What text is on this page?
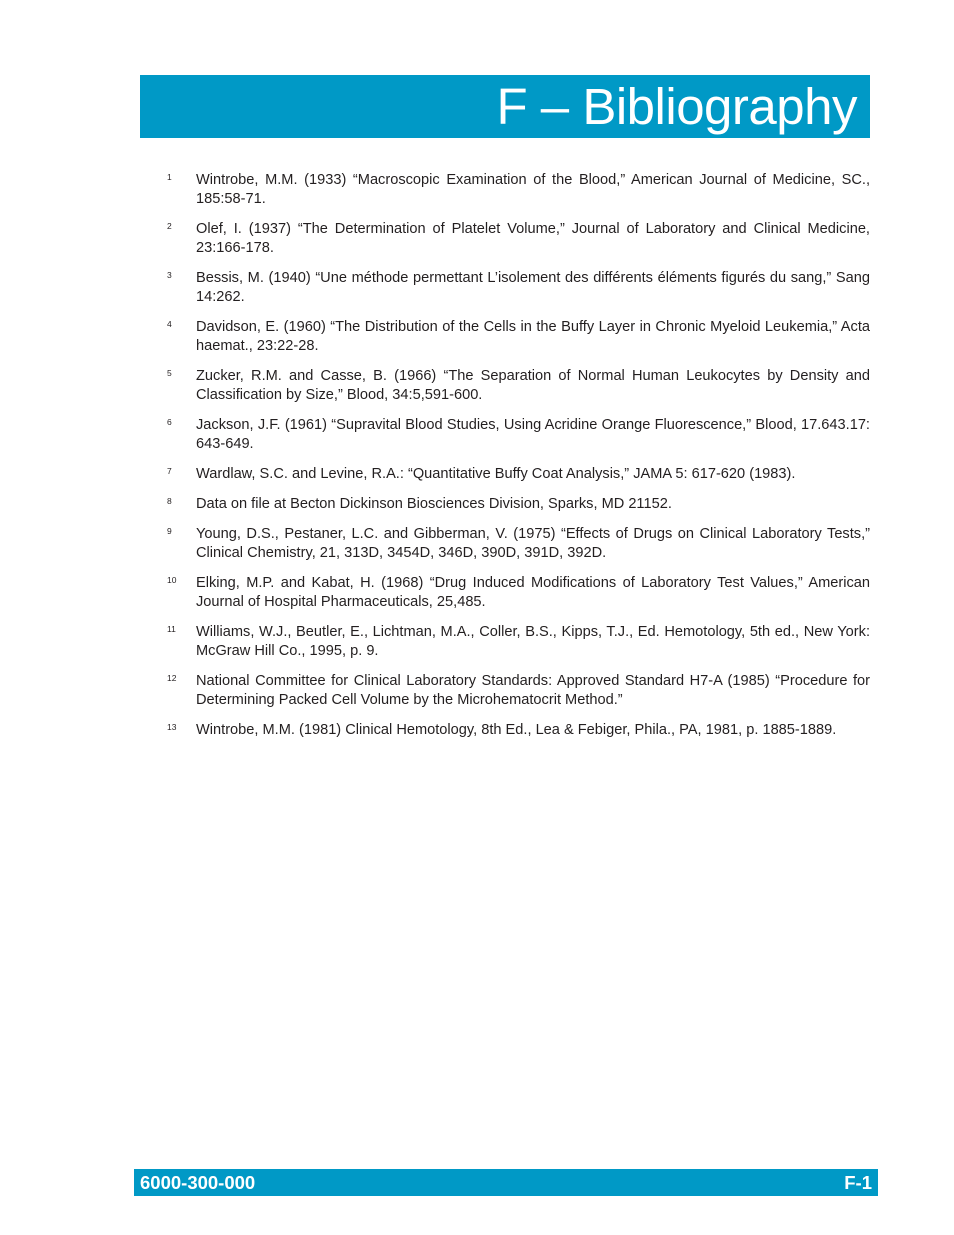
F – Bibliography
1 Wintrobe, M.M. (1933) “Macroscopic Examination of the Blood,” American Journal of Medicine, SC., 185:58-71.
2 Olef, I. (1937) “The Determination of Platelet Volume,” Journal of Laboratory and Clinical Medicine, 23:166-178.
3 Bessis, M. (1940) “Une méthode permettant L’isolement des différents éléments figurés du sang,” Sang 14:262.
4 Davidson, E. (1960) “The Distribution of the Cells in the Buffy Layer in Chronic Myeloid Leukemia,” Acta haemat., 23:22-28.
5 Zucker, R.M. and Casse, B. (1966) “The Separation of Normal Human Leukocytes by Density and Classification by Size,” Blood, 34:5,591-600.
6 Jackson, J.F. (1961) “Supravital Blood Studies, Using Acridine Orange Fluorescence,” Blood, 17.643.17: 643-649.
7 Wardlaw, S.C. and Levine, R.A.: “Quantitative Buffy Coat Analysis,” JAMA 5: 617-620 (1983).
8 Data on file at Becton Dickinson Biosciences Division, Sparks, MD 21152.
9 Young, D.S., Pestaner, L.C. and Gibberman, V. (1975) “Effects of Drugs on Clinical Laboratory Tests,” Clinical Chemistry, 21, 313D, 3454D, 346D, 390D, 391D, 392D.
10 Elking, M.P. and Kabat, H. (1968) “Drug Induced Modifications of Laboratory Test Values,” American Journal of Hospital Pharmaceuticals, 25,485.
11 Williams, W.J., Beutler, E., Lichtman, M.A., Coller, B.S., Kipps, T.J., Ed. Hemotology, 5th ed., New York: McGraw Hill Co., 1995, p. 9.
12 National Committee for Clinical Laboratory Standards: Approved Standard H7-A (1985) “Procedure for Determining Packed Cell Volume by the Microhematocrit Method.”
13 Wintrobe, M.M. (1981) Clinical Hemotology, 8th Ed., Lea & Febiger, Phila., PA, 1981, p. 1885-1889.
6000-300-000	F-1
